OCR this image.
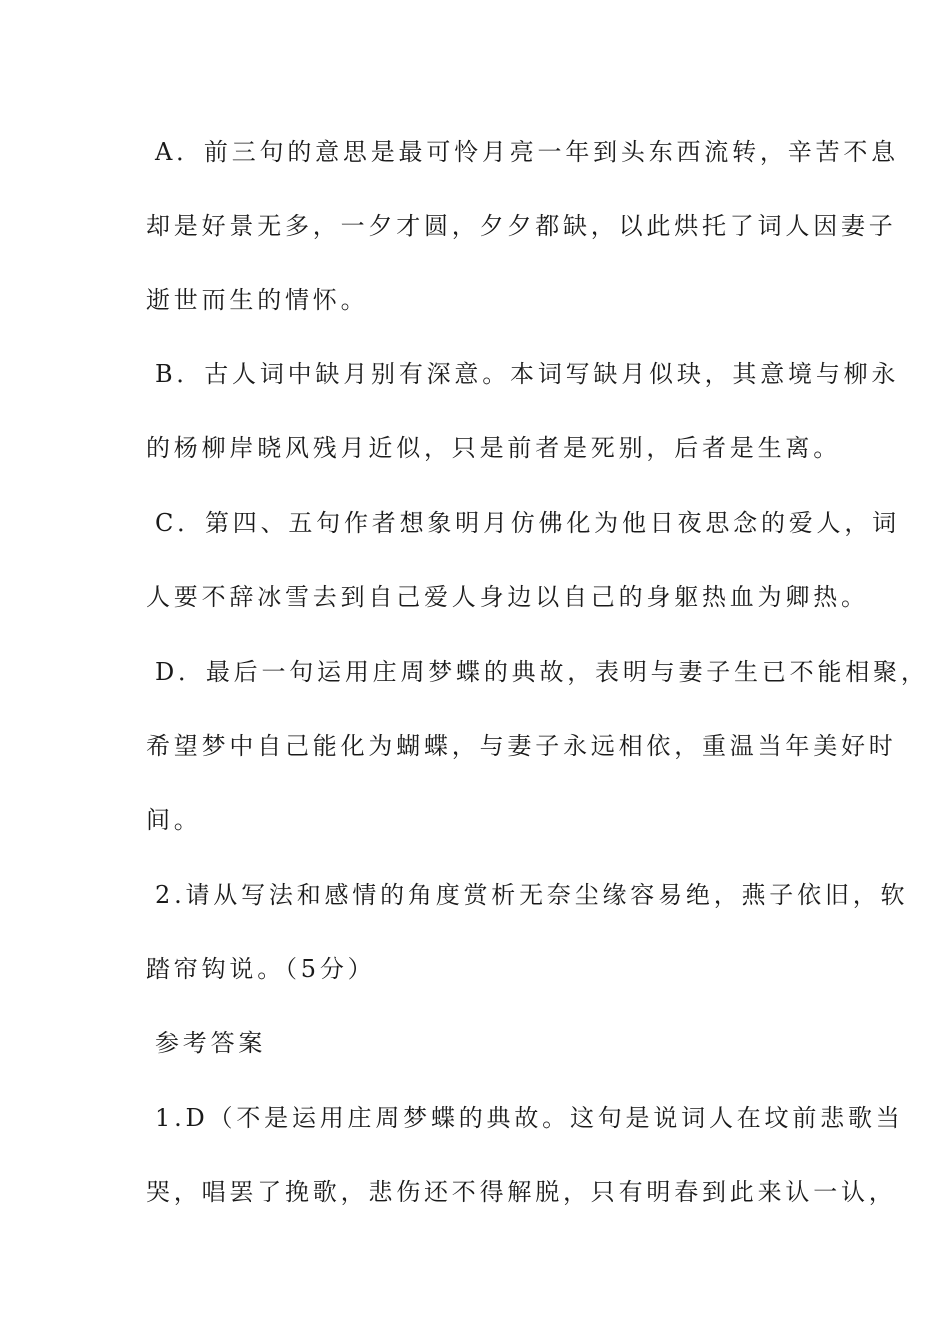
A．前三句的意思是最可怜月亮一年到头东西流转，辛苦不息
却是好景无多，一夕才圆，夕夕都缺，以此烘托了词人因妻子
逝世而生的情怀。
B．古人词中缺月别有深意。本词写缺月似玦，其意境与柳永
的杨柳岸晓风残月近似，只是前者是死别，后者是生离。
C．第四、五句作者想象明月仿佛化为他日夜思念的爱人，词
人要不辞冰雪去到自己爱人身边以自己的身躯热血为卿热。
D．最后一句运用庄周梦蝶的典故，表明与妻子生已不能相聚，
希望梦中自己能化为蝴蝶，与妻子永远相依，重温当年美好时
间。
2.请从写法和感情的角度赏析无奈尘缘容易绝，燕子依旧，软
踏帘钩说。（5分）
参考答案
1.D（不是运用庄周梦蝶的典故。这句是说词人在坟前悲歌当
哭，唱罢了挽歌，悲伤还不得解脱，只有明春到此来认一认，
